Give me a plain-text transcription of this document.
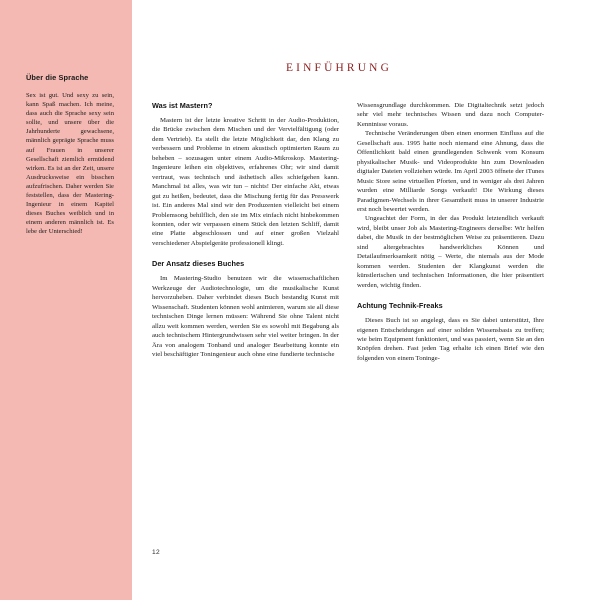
Über die Sprache
Sex ist gut. Und sexy zu sein, kann Spaß machen. Ich meine, dass auch die Sprache sexy sein sollte, und unsere über die Jahrhunderte gewachsene, männlich geprägte Sprache muss auf Frauen in unserer Gesellschaft ziemlich ermüdend wirken. Es ist an der Zeit, unsere Ausdrucksweise ein bisschen aufzufrischen. Daher werden Sie feststellen, dass der Mastering-Ingenieur in einem Kapitel dieses Buches weiblich und in einem anderen männlich ist. Es lebe der Unterschied!
EINFÜHRUNG
Was ist Mastern?

Mastern ist der letzte kreative Schritt in der Audio-Produktion, die Brücke zwischen dem Mischen und der Vervielfältigung (oder dem Vertrieb). Es stellt die letzte Möglichkeit dar, den Klang zu verbessern und Probleme in einem akustisch optimierten Raum zu beheben – sozusagen unter einem Audio-Mikroskop. Mastering-Ingenieure leihen ein objektives, erfahrenes Ohr; wir sind damit vertraut, was technisch und ästhetisch alles schiefgehen kann. Manchmal ist alles, was wir tun – nichts! Der einfache Akt, etwas gut zu heißen, bedeutet, dass die Mischung fertig für das Presswerk ist. Ein anderes Mal sind wir den Produzenten vielleicht bei einem Problemsong behilflich, den sie im Mix einfach nicht hinbekommen konnten, oder wir verpassen einem Stück den letzten Schliff, damit eine Platte abgeschlossen und auf einer großen Vielzahl verschiedener Abspielgeräte professionell klingt.

Der Ansatz dieses Buches

Im Mastering-Studio benutzen wir die wissenschaftlichen Werkzeuge der Audiotechnologie, um die musikalische Kunst hervorzuheben. Daher verbindet dieses Buch bestandig Kunst mit Wissenschaft. Studenten können wohl animieren, warum sie all diese technischen Dinge lernen müssen: Während Sie ohne Talent nicht allzu weit kommen werden, werden Sie es sowohl mit Begabung als auch technischem Hintergrundwissen sehr viel weiter bringen. In der Ära von analogem Tonband und analoger Bearbeitung konnte ein viel beschäftigter Toningenieur auch ohne eine fundierte technische

Wissensgrundlage durchkommen. Die Digitaltechnik setzt jedoch sehr viel mehr technisches Wissen und dazu noch Computer-Kenntnisse voraus.

Technische Veränderungen üben einen enormen Einfluss auf die Gesellschaft aus. 1995 hatte noch niemand eine Ahnung, dass die Öffentlichkeit bald einen grundlegenden Schwenk vom Konsum physikalischer Musik- und Videoprodukte hin zum Downloaden digitaler Dateien vollziehen würde. Im April 2003 öffnete der iTunes Music Store seine virtuellen Pforten, und in weniger als drei Jahren wurden eine Milliarde Songs verkauft! Die Wirkung dieses Paradigmen-Wechsels in ihrer Gesamtheit muss in unserer Industrie erst noch bewertet werden.

Ungeachtet der Form, in der das Produkt letztendlich verkauft wird, bleibt unser Job als Mastering-Engineers derselbe: Wir helfen dabei, die Musik in der bestmöglichen Weise zu präsentieren. Dazu sind altergebrachtes handwerkliches Können und Detailaufmerksamkeit nötig – Werte, die niemals aus der Mode kommen werden. Studenten der Klangkunst werden die künstlerischen und technischen Informationen, die hier präsentiert werden, wichtig finden.

Achtung Technik-Freaks

Dieses Buch ist so angelegt, dass es Sie dabei unterstützt, Ihre eigenen Entscheidungen auf einer soliden Wissensbasis zu treffen; wie beim Equipment funktioniert, und was passiert, wenn Sie an den Knöpfen drehen. Fast jeden Tag erhalte ich einen Brief wie den folgenden von einem Toninge-

12
